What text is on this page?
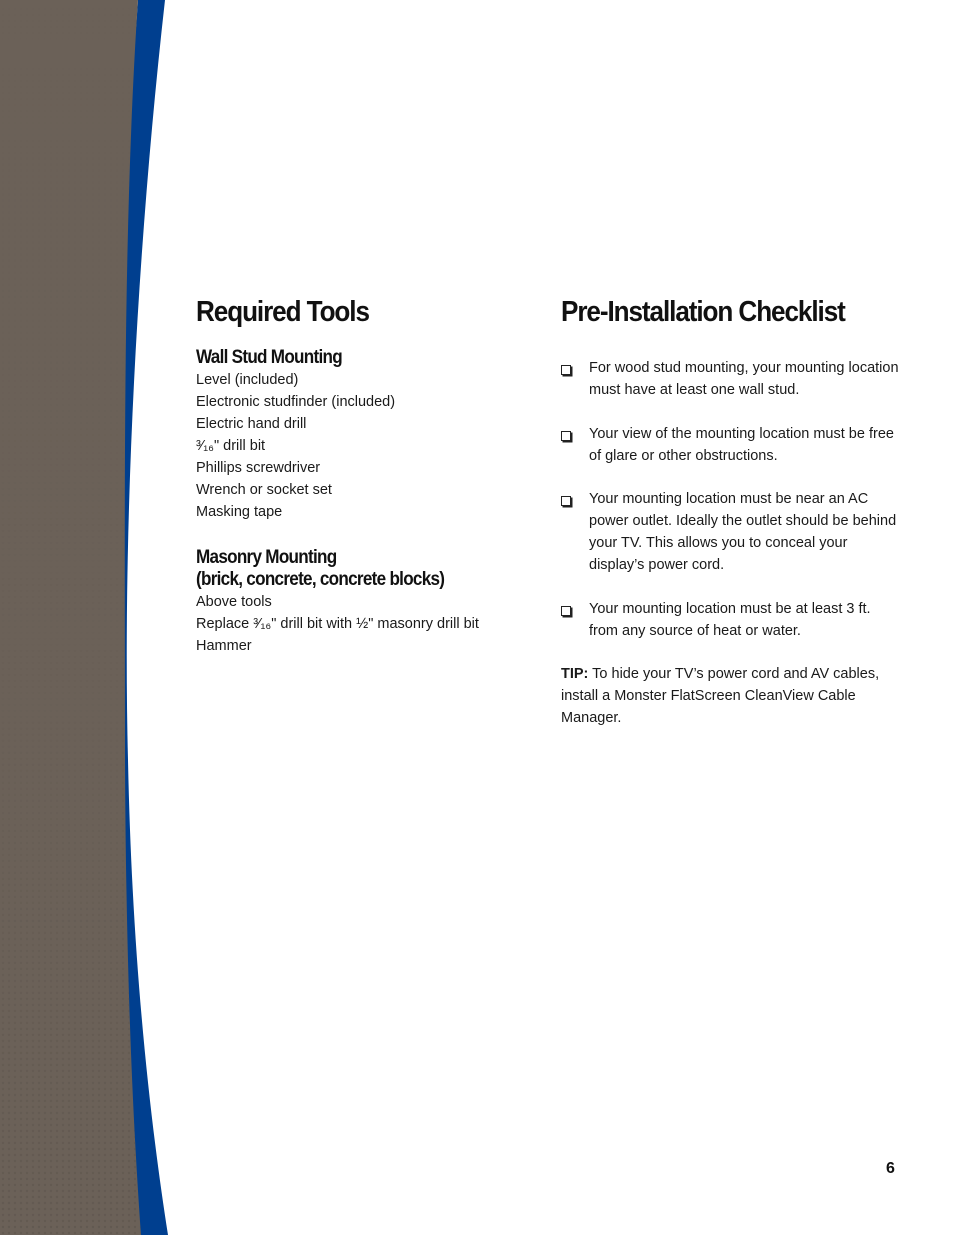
Required Tools
Wall Stud Mounting
Level (included)
Electronic studfinder (included)
Electric hand drill
³⁄₁₆" drill bit
Phillips screwdriver
Wrench or socket set
Masking tape
Masonry Mounting
(brick, concrete, concrete blocks)
Above tools
Replace ³⁄₁₆" drill bit with ½" masonry drill bit
Hammer
Pre-Installation Checklist
For wood stud mounting, your mounting location must have at least one wall stud.
Your view of the mounting location must be free of glare or other obstructions.
Your mounting location must be near an AC power outlet. Ideally the outlet should be behind your TV. This allows you to conceal your display’s power cord.
Your mounting location must be at least 3 ft. from any source of heat or water.
TIP: To hide your TV’s power cord and AV cables, install a Monster FlatScreen CleanView Cable Manager.
6
